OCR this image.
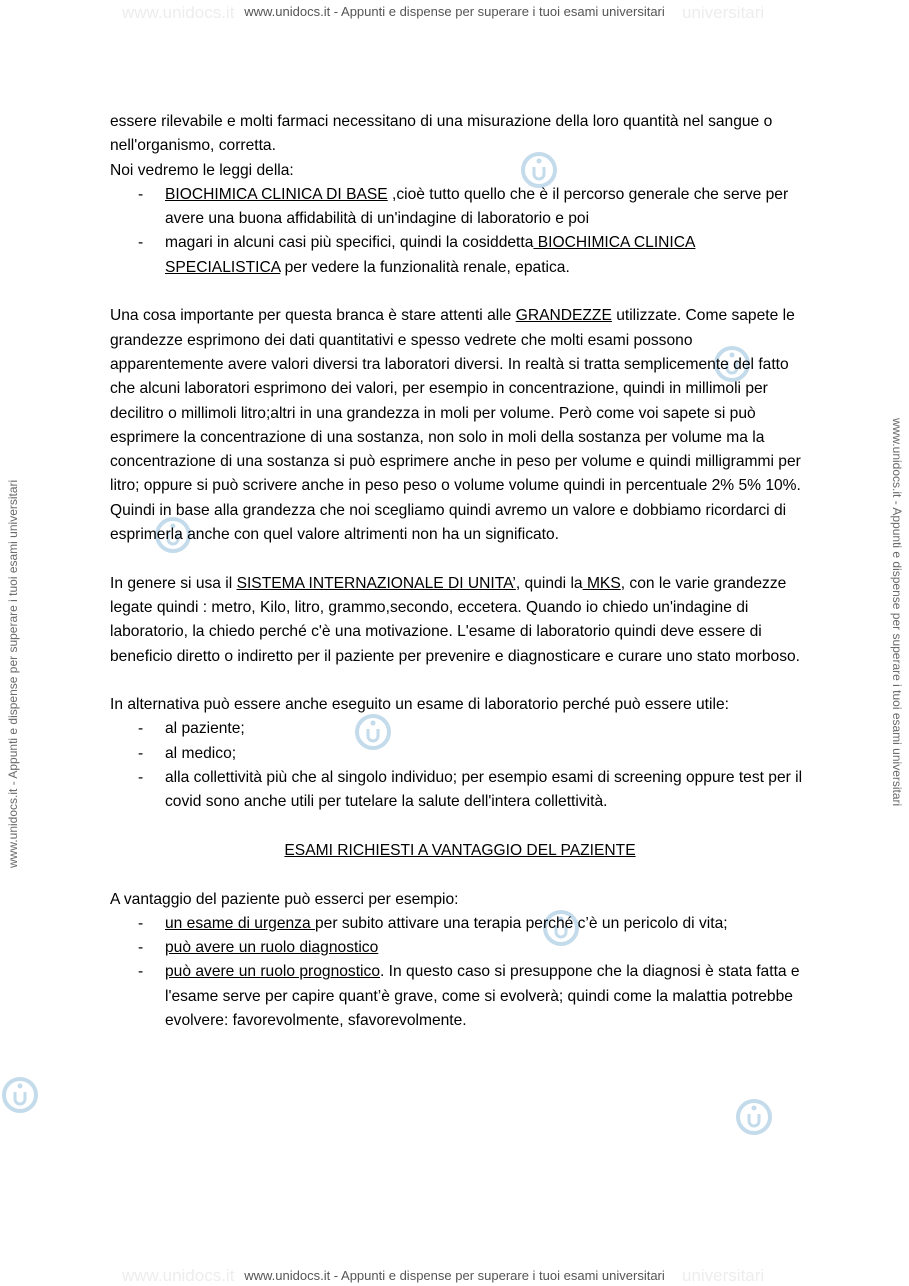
www.unidocs.it	universitari
www.unidocs.it	universitari
www.unidocs.it - Appunti e dispense per superare i tuoi esami universitari
www.unidocs.it - Appunti e dispense per superare i tuoi esami universitari
www.unidocs.it - Appunti e dispense per superare i tuoi esami universitari	www.unidocs.it - Appunti e dispense per superare i tuoi esami universitari

essere rilevabile e molti farmaci necessitano di una misurazione della loro quantità nel sangue o nell'organismo, corretta.

Noi vedremo le leggi della:

- BIOCHIMICA CLINICA DI BASE ,cioè tutto quello che è il percorso generale che serve per avere una buona affidabilità di un'indagine di laboratorio e poi
- magari in alcuni casi più specifici, quindi la cosiddetta BIOCHIMICA CLINICA SPECIALISTICA per vedere la funzionalità renale, epatica.

Una cosa importante per questa branca è stare attenti alle GRANDEZZE utilizzate. Come sapete le grandezze esprimono dei dati quantitativi e spesso vedrete che molti esami possono apparentemente avere valori diversi tra laboratori diversi. In realtà si tratta semplicemente del fatto che alcuni laboratori esprimono dei valori, per esempio in concentrazione, quindi in millimoli per decilitro o millimoli litro;altri in una grandezza in moli per volume. Però come voi sapete si può esprimere la concentrazione di una sostanza, non solo in moli della sostanza per volume ma la concentrazione di una sostanza si può esprimere anche in peso per volume e quindi milligrammi per litro; oppure si può scrivere anche in peso peso o volume volume quindi in percentuale 2% 5% 10%. Quindi in base alla grandezza che noi scegliamo quindi avremo un valore e dobbiamo ricordarci di esprimerla anche con quel valore altrimenti non ha un significato.

In genere si usa il SISTEMA INTERNAZIONALE DI UNITA’, quindi la MKS, con le varie grandezze legate quindi : metro, Kilo, litro, grammo,secondo, eccetera. Quando io chiedo un'indagine di laboratorio, la chiedo perché c'è una motivazione. L'esame di laboratorio quindi deve essere di beneficio diretto o indiretto per il paziente per prevenire e diagnosticare e curare uno stato morboso.

In alternativa può essere anche eseguito un esame di laboratorio perché può essere utile:

- al paziente;
- al medico;
- alla collettività più che al singolo individuo; per esempio esami di screening oppure test per il covid sono anche utili per tutelare la salute dell'intera collettività.

ESAMI RICHIESTI A VANTAGGIO DEL PAZIENTE

A vantaggio del paziente può esserci per esempio:

- un esame di urgenza per subito attivare una terapia perché c’è un pericolo di vita;
- può avere un ruolo diagnostico
- può avere un ruolo prognostico. In questo caso si presuppone che la diagnosi è stata fatta e l'esame serve per capire quant’è grave, come si evolverà; quindi come la malattia potrebbe evolvere: favorevolmente, sfavorevolmente.
